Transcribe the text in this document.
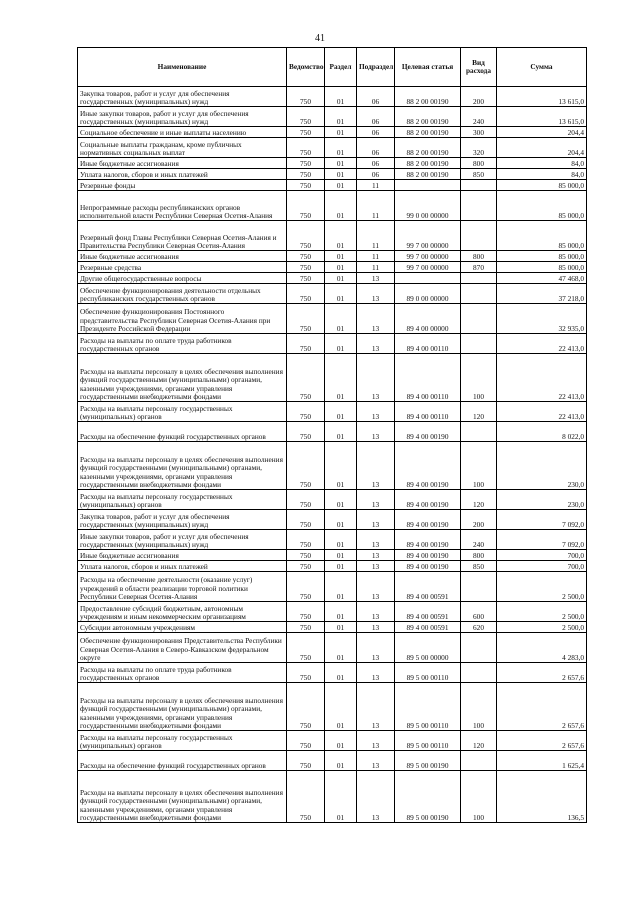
41
Наименование	Ведомство	Раздел	Подраздел	Целевая статья	Вид расхода	Сумма
Закупка товаров, работ и услуг для обеспечения государственных (муниципальных) нужд	750	01	06	88 2 00 00190	200	13 615,0
Иные закупки товаров, работ и услуг для обеспечения государственных (муниципальных) нужд	750	01	06	88 2 00 00190	240	13 615,0
Социальное обеспечение и иные выплаты населению	750	01	06	88 2 00 00190	300	204,4
Социальные выплаты гражданам, кроме публичных нормативных социальных выплат	750	01	06	88 2 00 00190	320	204,4
Иные бюджетные ассигнования	750	01	06	88 2 00 00190	800	84,0
Уплата налогов, сборов и иных платежей	750	01	06	88 2 00 00190	850	84,0
Резервные фонды	750	01	11			85 000,0
Непрограммные расходы республиканских органов исполнительной власти Республики Северная Осетия-Алания	750	01	11	99 0 00 00000		85 000,0
Резервный фонд Главы Республики Северная Осетия-Алания и Правительства Республики Северная Осетия-Алания	750	01	11	99 7 00 00000		85 000,0
Иные бюджетные ассигнования	750	01	11	99 7 00 00000	800	85 000,0
Резервные средства	750	01	11	99 7 00 00000	870	85 000,0
Другие общегосударственные вопросы	750	01	13			47 468,0
Обеспечение функционирования деятельности отдельных республиканских государственных органов	750	01	13	89 0 00 00000		37 218,0
Обеспечение функционирования Постоянного представительства Республики Северная Осетия-Алания при Президенте Российской Федерации	750	01	13	89 4 00 00000		32 935,0
Расходы на выплаты по оплате труда работников государственных органов	750	01	13	89 4 00 00110		22 413,0
Расходы на выплаты персоналу в целях обеспечения выполнения функций государственными (муниципальными) органами, казенными учреждениями, органами управления государственными внебюджетными фондами	750	01	13	89 4 00 00110	100	22 413,0
Расходы на выплаты персоналу государственных (муниципальных) органов	750	01	13	89 4 00 00110	120	22 413,0
Расходы на обеспечение функций государственных органов	750	01	13	89 4 00 00190		8 022,0
Расходы на выплаты персоналу в целях обеспечения выполнения функций государственными (муниципальными) органами, казенными учреждениями, органами управления государственными внебюджетными фондами	750	01	13	89 4 00 00190	100	230,0
Расходы на выплаты персоналу государственных (муниципальных) органов	750	01	13	89 4 00 00190	120	230,0
Закупка товаров, работ и услуг для обеспечения государственных (муниципальных) нужд	750	01	13	89 4 00 00190	200	7 092,0
Иные закупки товаров, работ и услуг для обеспечения государственных (муниципальных) нужд	750	01	13	89 4 00 00190	240	7 092,0
Иные бюджетные ассигнования	750	01	13	89 4 00 00190	800	700,0
Уплата налогов, сборов и иных платежей	750	01	13	89 4 00 00190	850	700,0
Расходы на обеспечение деятельности (оказание услуг) учреждений в области реализации торговой политики Республики Северная Осетия-Алания	750	01	13	89 4 00 00591		2 500,0
Предоставление субсидий бюджетным, автономным учреждениям и иным некоммерческим организациям	750	01	13	89 4 00 00591	600	2 500,0
Субсидии автономным учреждениям	750	01	13	89 4 00 00591	620	2 500,0
Обеспечение функционирования Представительства Республики Северная Осетия-Алания в Северо-Кавказском федеральном округе	750	01	13	89 5 00 00000		4 283,0
Расходы на выплаты по оплате труда работников государственных органов	750	01	13	89 5 00 00110		2 657,6
Расходы на выплаты персоналу в целях обеспечения выполнения функций государственными (муниципальными) органами, казенными учреждениями, органами управления государственными внебюджетными фондами	750	01	13	89 5 00 00110	100	2 657,6
Расходы на выплаты персоналу государственных (муниципальных) органов	750	01	13	89 5 00 00110	120	2 657,6
Расходы на обеспечение функций государственных органов	750	01	13	89 5 00 00190		1 625,4
Расходы на выплаты персоналу в целях обеспечения выполнения функций государственными (муниципальными) органами, казенными учреждениями, органами управления государственными внебюджетными фондами	750	01	13	89 5 00 00190	100	136,5
